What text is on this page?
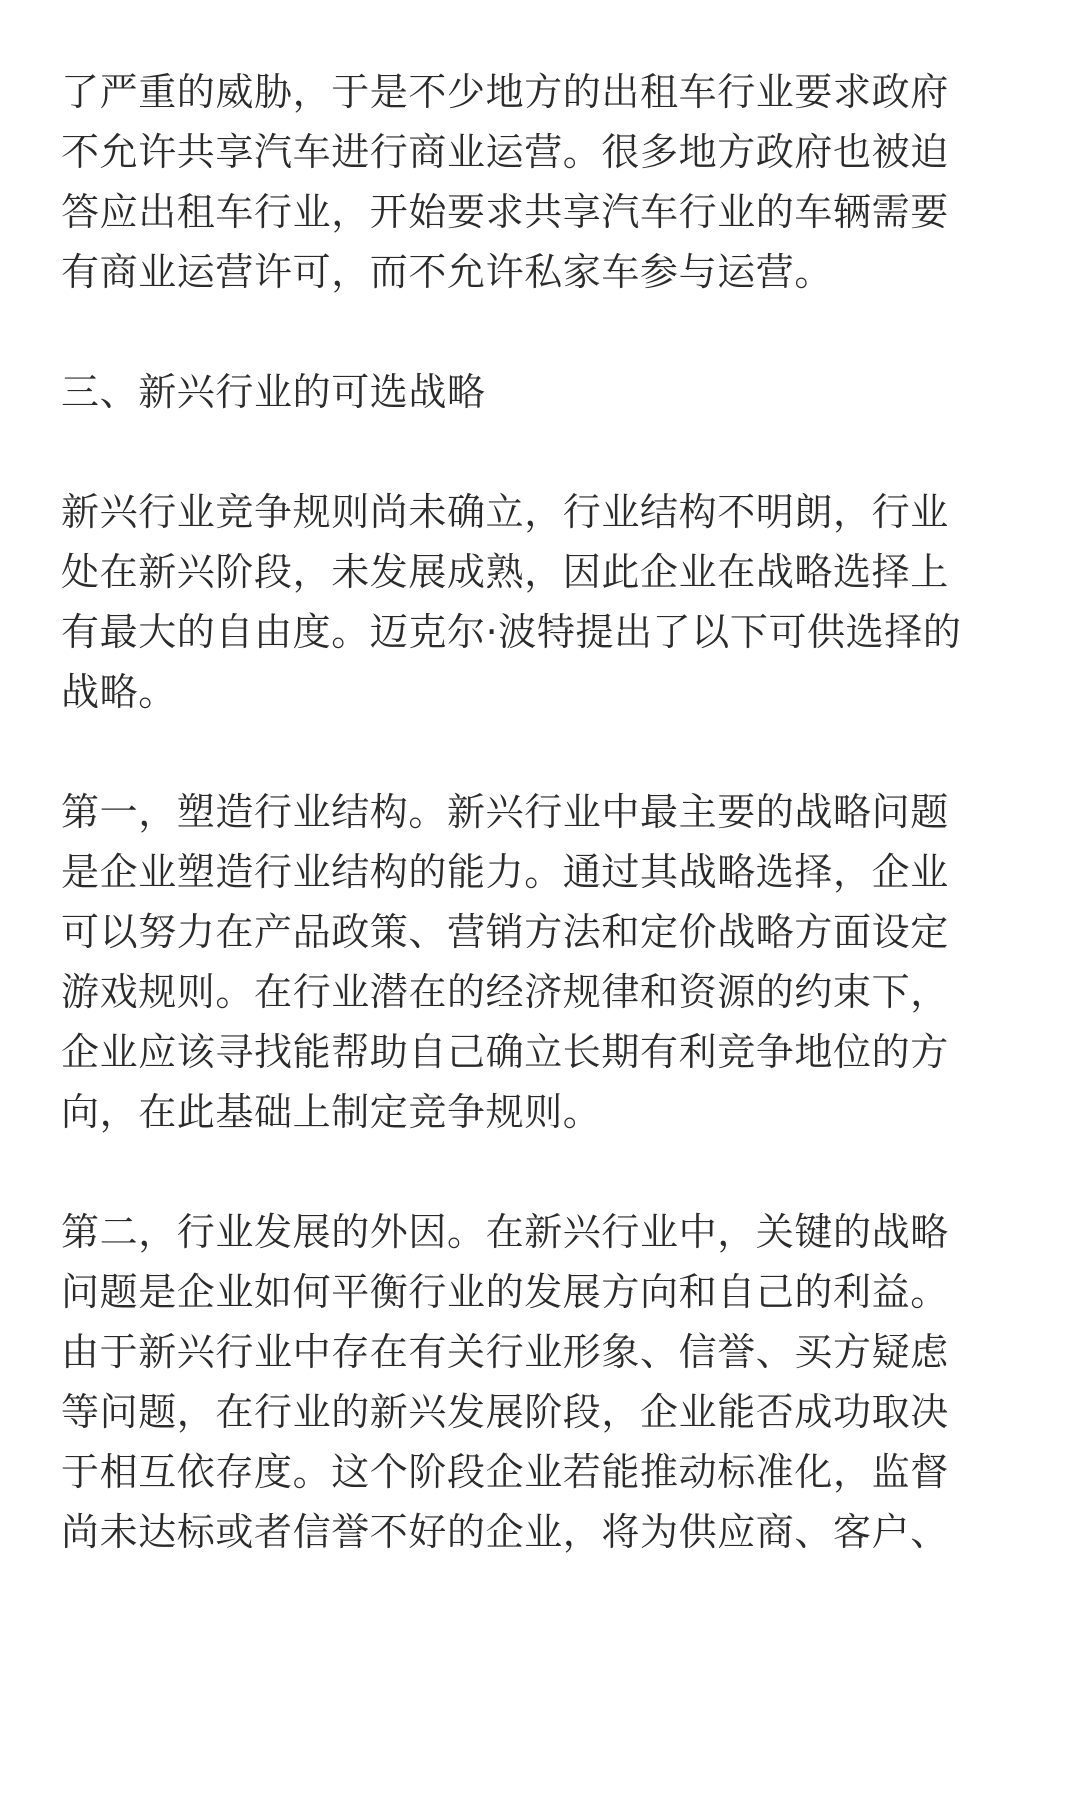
了严重的威胁，于是不少地方的出租车行业要求政府
不允许共享汽车进行商业运营。很多地方政府也被迫
答应出租车行业，开始要求共享汽车行业的车辆需要
有商业运营许可，而不允许私家车参与运营。
三、新兴行业的可选战略
新兴行业竞争规则尚未确立，行业结构不明朗，行业
处在新兴阶段，未发展成熟，因此企业在战略选择上
有最大的自由度。迈克尔·波特提出了以下可供选择的
战略。
第一，塑造行业结构。新兴行业中最主要的战略问题
是企业塑造行业结构的能力。通过其战略选择，企业
可以努力在产品政策、营销方法和定价战略方面设定
游戏规则。在行业潜在的经济规律和资源的约束下，
企业应该寻找能帮助自己确立长期有利竞争地位的方
向，在此基础上制定竞争规则。
第二，行业发展的外因。在新兴行业中，关键的战略
问题是企业如何平衡行业的发展方向和自己的利益。
由于新兴行业中存在有关行业形象、信誉、买方疑虑
等问题，在行业的新兴发展阶段，企业能否成功取决
于相互依存度。这个阶段企业若能推动标准化，监督
尚未达标或者信誉不好的企业，将为供应商、客户、
